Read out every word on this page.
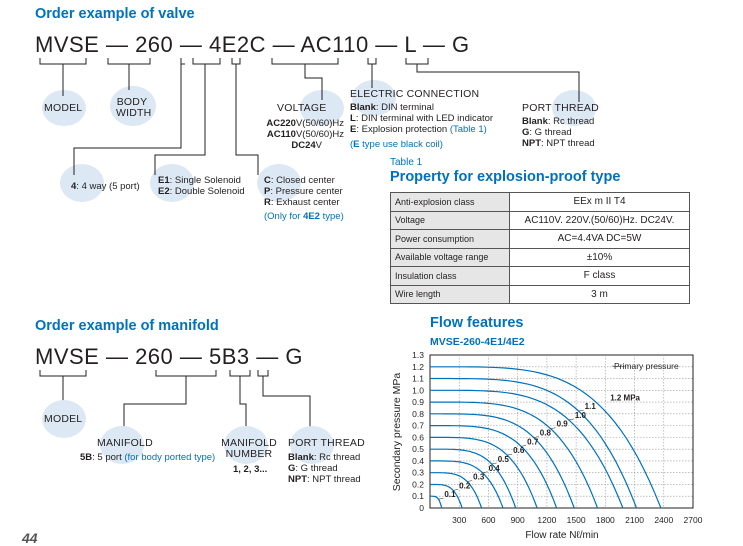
Order example of valve
MVSE — 260 — 4E2C — AC110 — L — G
MODEL	BODY
WIDTH	VOLTAGE
AC220V(50/60)Hz
AC110V(50/60)Hz
DC24V
ELECTRIC CONNECTION
Blank: DIN terminal
L: DIN terminal with LED indicator
E: Explosion protection (Table 1)
(E type use black coil)
PORT THREAD
Blank: Rc thread
G: G thread
NPT: NPT thread
4: 4 way (5 port)
E1: Single Solenoid
E2: Double Solenoid
C: Closed center
P: Pressure center
R: Exhaust center
(Only for 4E2 type)
Table 1
Property for explosion-proof type
Anti-explosion class	EEx m II T4
Voltage	AC110V. 220V.(50/60)Hz. DC24V.
Power consumption	AC=4.4VA DC=5W
Available voltage range	±10%
Insulation class	F class
Wire length	3 m
Order example of manifold
MVSE — 260 — 5B3 — G
MODEL
MANIFOLD
5B: 5 port (for body ported type)
MANIFOLD
NUMBER
1, 2, 3...
PORT THREAD
Blank: Rc thread
G: G thread
NPT: NPT thread
44
Flow features
MVSE-260-4E1/4E2
0
0.1
0.2
0.3
0.4
0.5
0.6
0.7
0.8
0.9
1.0
1.1
1.2
1.3
300 600 900 1200 1500 1800 2100 2400 2700
0.1
0.2
0.3
0.4
0.5
0.6
0.7
0.8
0.9
1.0
1.1
1.2 MPa
Secondary pressure MPa
Flow rate Nℓ/min
Primary pressure
